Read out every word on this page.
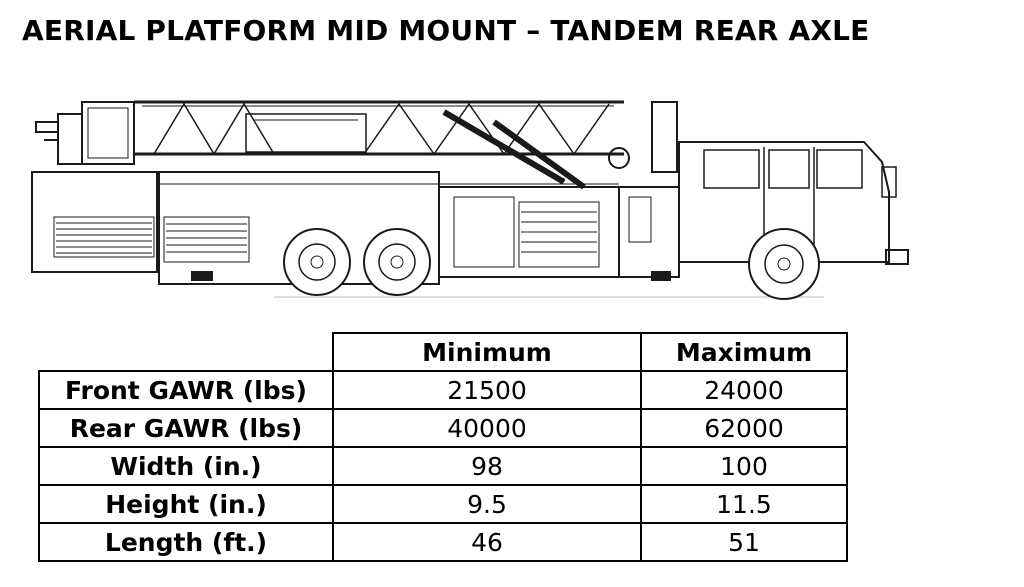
AERIAL PLATFORM MID MOUNT – TANDEM REAR AXLE
	Minimum	Maximum
Front GAWR (lbs)	21500	24000
Rear GAWR (lbs)	40000	62000
Width (in.)	98	100
Height (in.)	9.5	11.5
Length (ft.)	46	51
